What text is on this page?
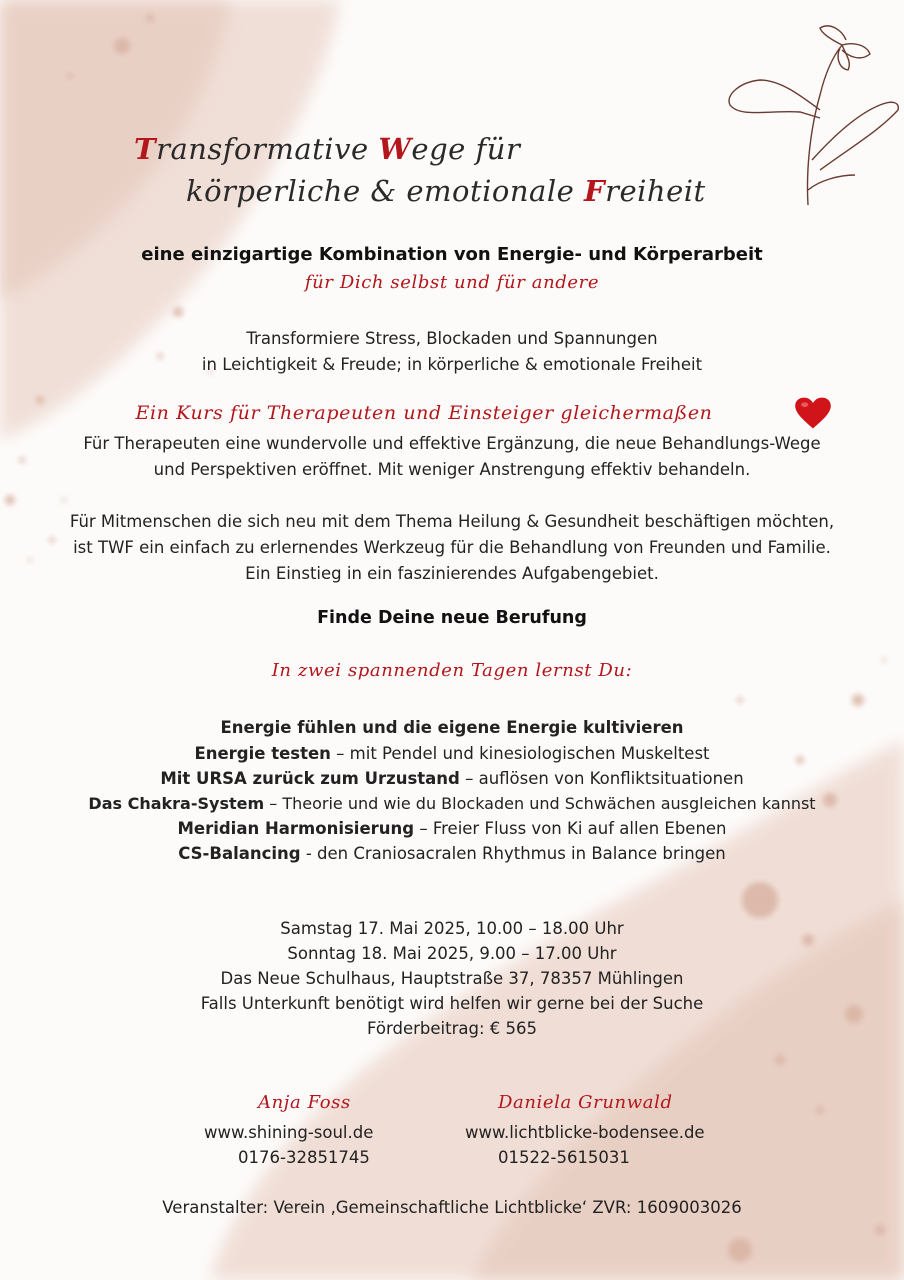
Transformative Wege für
körperliche & emotionale Freiheit
eine einzigartige Kombination von Energie- und Körperarbeit
für Dich selbst und für andere
Transformiere Stress, Blockaden und Spannungen
in Leichtigkeit & Freude; in körperliche & emotionale Freiheit
Ein Kurs für Therapeuten und Einsteiger gleichermaßen
Für Therapeuten eine wundervolle und effektive Ergänzung, die neue Behandlungs-Wege
und Perspektiven eröffnet. Mit weniger Anstrengung effektiv behandeln.
Für Mitmenschen die sich neu mit dem Thema Heilung & Gesundheit beschäftigen möchten,
ist TWF ein einfach zu erlernendes Werkzeug für die Behandlung von Freunden und Familie.
Ein Einstieg in ein faszinierendes Aufgabengebiet.
Finde Deine neue Berufung
In zwei spannenden Tagen lernst Du:
Energie fühlen und die eigene Energie kultivieren
Energie testen – mit Pendel und kinesiologischen Muskeltest
Mit URSA zurück zum Urzustand – auflösen von Konfliktsituationen
Das Chakra-System – Theorie und wie du Blockaden und Schwächen ausgleichen kannst
Meridian Harmonisierung – Freier Fluss von Ki auf allen Ebenen
CS-Balancing - den Craniosacralen Rhythmus in Balance bringen
Samstag 17. Mai 2025, 10.00 – 18.00 Uhr
Sonntag 18. Mai 2025, 9.00 – 17.00 Uhr
Das Neue Schulhaus, Hauptstraße 37, 78357 Mühlingen
Falls Unterkunft benötigt wird helfen wir gerne bei der Suche
Förderbeitrag: € 565
Anja Foss
www.shining-soul.de
0176-32851745
Daniela Grunwald
www.lichtblicke-bodensee.de
01522-5615031
Veranstalter: Verein ‚Gemeinschaftliche Lichtblicke‘ ZVR: 1609003026
